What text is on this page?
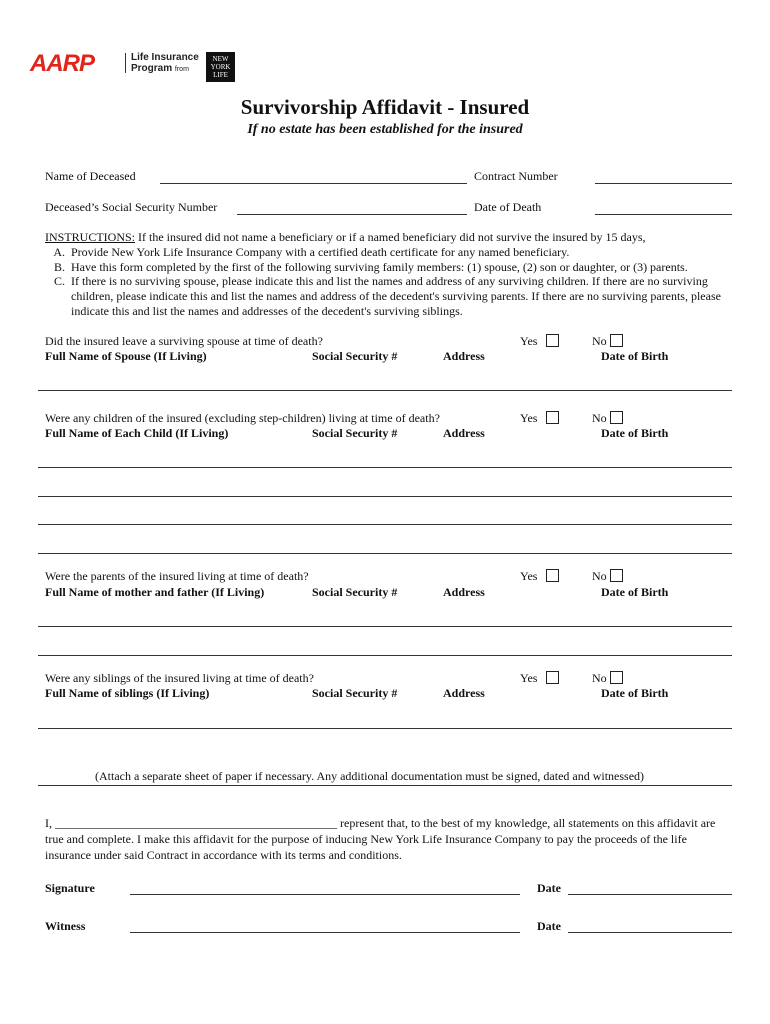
AARP	Life Insurance
Program from
NEW
YORK
LIFE
Survivorship Affidavit - Insured
If no estate has been established for the insured
Name of Deceased	Contract Number
Deceased’s Social Security Number	Date of Death
INSTRUCTIONS: If the insured did not name a beneficiary or if a named beneficiary did not survive the insured by 15 days,
A. Provide New York Life Insurance Company with a certified death certificate for any named beneficiary.
B. Have this form completed by the first of the following surviving family members: (1) spouse, (2) son or daughter, or (3) parents.
C. If there is no surviving spouse, please indicate this and list the names and address of any surviving children. If there are no surviving children, please indicate this and list the names and address of the decedent's surviving parents. If there are no surviving parents, please indicate this and list the names and addresses of the decedent's surviving siblings.
Did the insured leave a surviving spouse at time of death?	Yes	No
Full Name of Spouse (If Living)	Social Security #	Address	Date of Birth
Were any children of the insured (excluding step-children) living at time of death?	Yes	No
Full Name of Each Child (If Living)	Social Security #	Address	Date of Birth
Were the parents of the insured living at time of death?	Yes	No
Full Name of mother and father (If Living)	Social Security #	Address	Date of Birth
Were any siblings of the insured living at time of death?	Yes	No
Full Name of siblings (If Living)	Social Security #	Address	Date of Birth
(Attach a separate sheet of paper if necessary. Any additional documentation must be signed, dated and witnessed)
I, _______________________________________________ represent that, to the best of my knowledge, all statements on this affidavit are true and complete. I make this affidavit for the purpose of inducing New York Life Insurance Company to pay the proceeds of the life insurance under said Contract in accordance with its terms and conditions.
Signature	Date
Witness	Date
